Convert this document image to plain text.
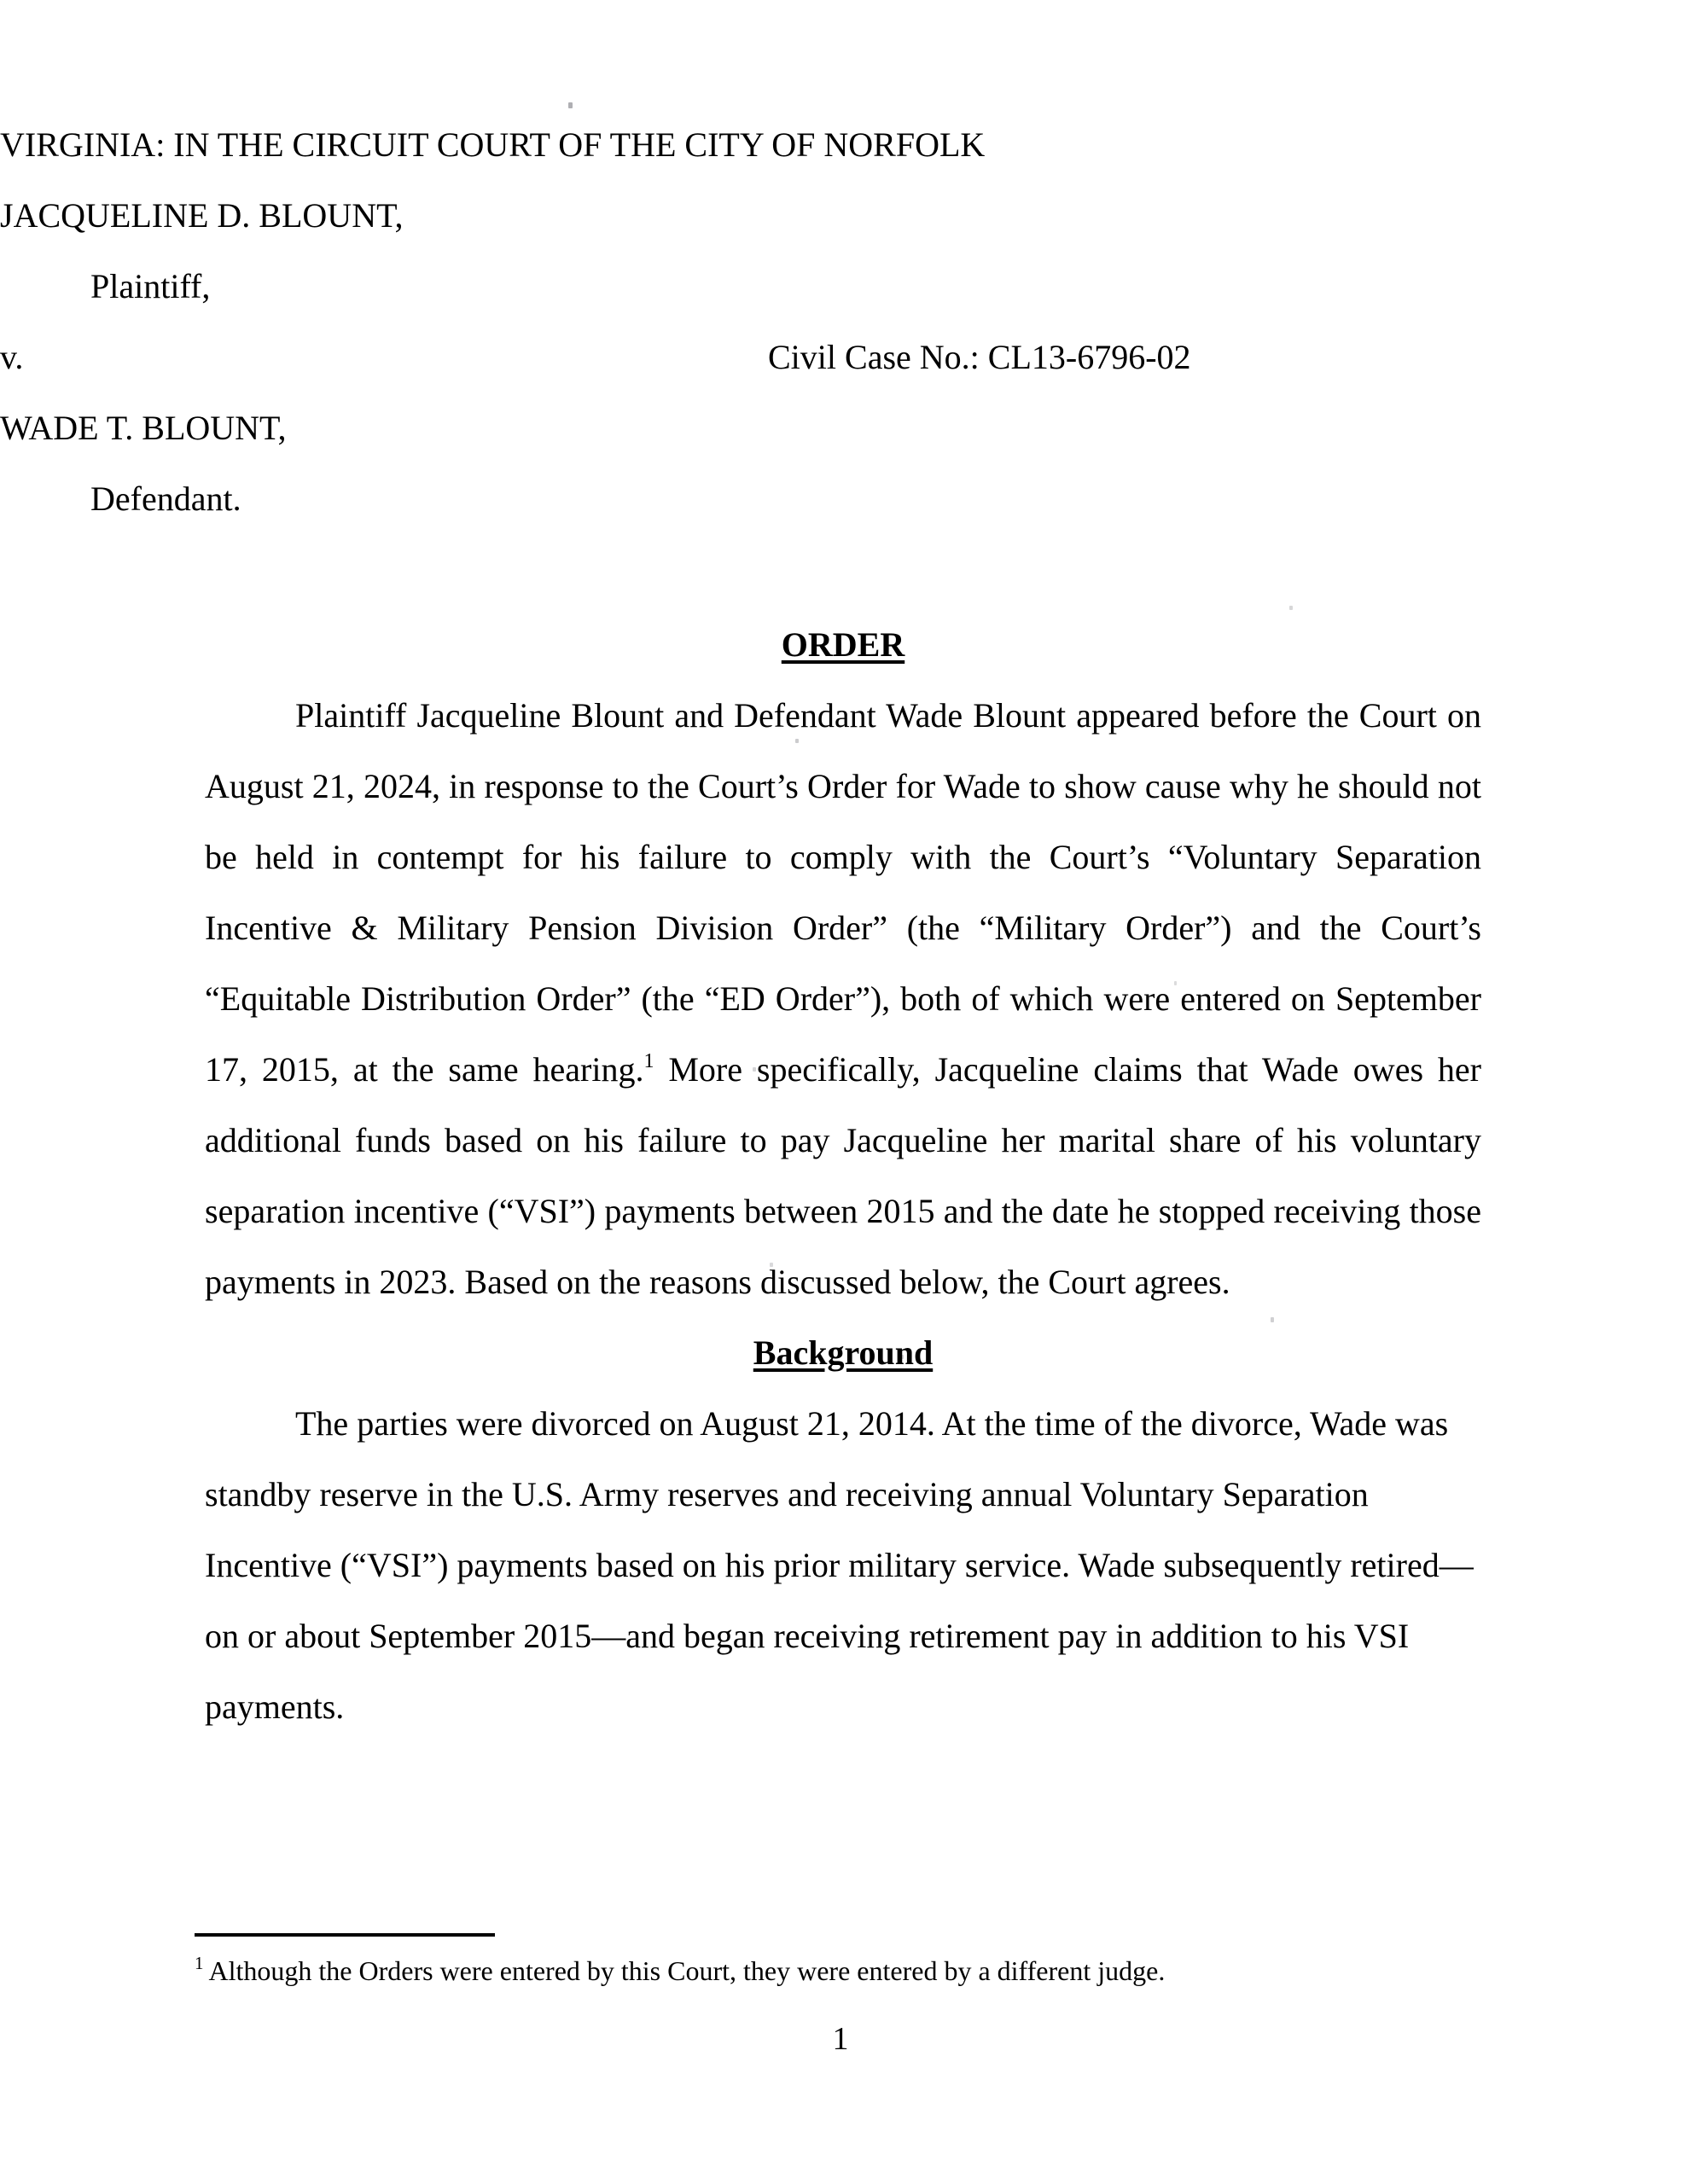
VIRGINIA: IN THE CIRCUIT COURT OF THE CITY OF NORFOLK
JACQUELINE D. BLOUNT,
Plaintiff,
v.	Civil Case No.: CL13-6796-02
WADE T. BLOUNT,
Defendant.
ORDER

Plaintiff Jacqueline Blount and Defendant Wade Blount appeared before the Court on August 21, 2024, in response to the Court’s Order for Wade to show cause why he should not be held in contempt for his failure to comply with the Court’s “Voluntary Separation Incentive & Military Pension Division Order” (the “Military Order”) and the Court’s “Equitable Distribution Order” (the “ED Order”), both of which were entered on September 17, 2015, at the same hearing.$^1$ More specifically, Jacqueline claims that Wade owes her additional funds based on his failure to pay Jacqueline her marital share of his voluntary separation incentive (“VSI”) payments between 2015 and the date he stopped receiving those payments in 2023. Based on the reasons discussed below, the Court agrees.

Background

The parties were divorced on August 21, 2014. At the time of the divorce, Wade was standby reserve in the U.S. Army reserves and receiving annual Voluntary Separation Incentive (“VSI”) payments based on his prior military service. Wade subsequently retired—on or about September 2015—and began receiving retirement pay in addition to his VSI payments.

$^1$ Although the Orders were entered by this Court, they were entered by a different judge.
1
